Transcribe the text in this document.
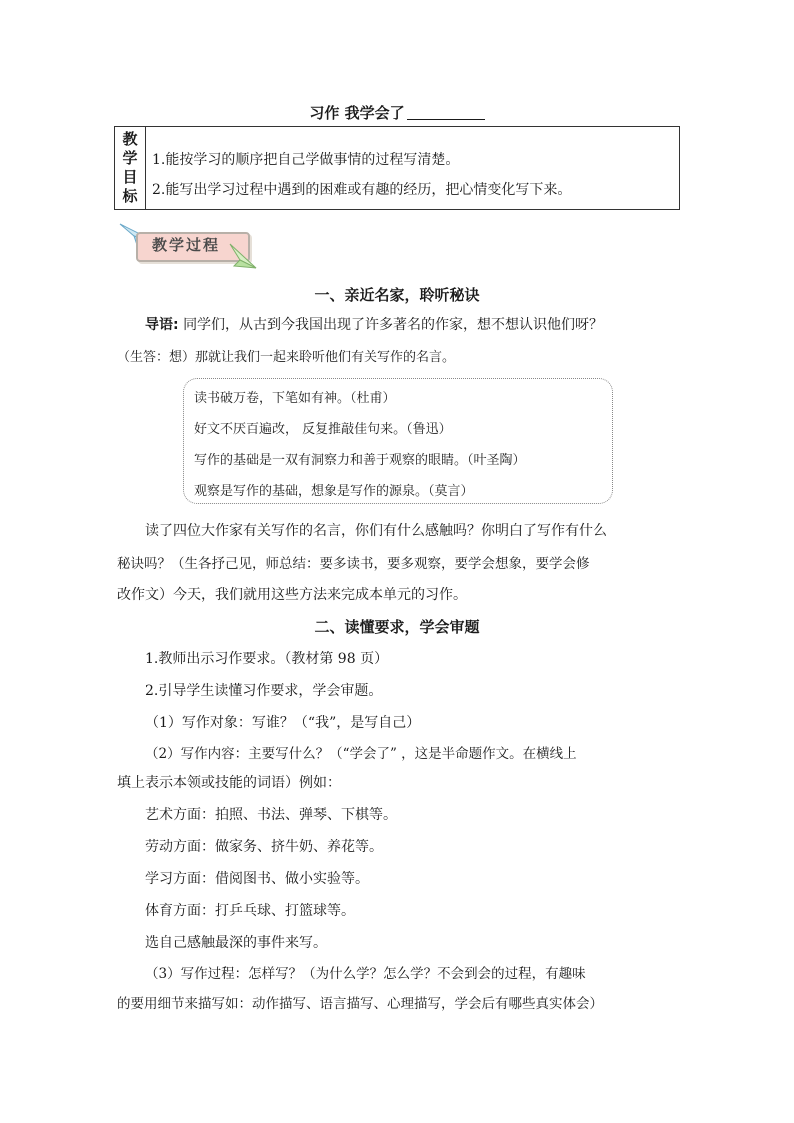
习作 我学会了
教
学
目
标
1.能按学习的顺序把自己学做事情的过程写清楚。
2.能写出学习过程中遇到的困难或有趣的经历，把心情变化写下来。
教学过程
一、亲近名家，聆听秘诀
导语: 同学们，从古到今我国出现了许多著名的作家，想不想认识他们呀？
（生答：想）那就让我们一起来聆听他们有关写作的名言。
读书破万卷，下笔如有神。（杜甫）
好文不厌百遍改， 反复推敲佳句来。（鲁迅）
写作的基础是一双有洞察力和善于观察的眼睛。（叶圣陶）
观察是写作的基础，想象是写作的源泉。（莫言）
读了四位大作家有关写作的名言，你们有什么感触吗？你明白了写作有什么
秘诀吗？（生各抒己见，师总结：要多读书，要多观察，要学会想象，要学会修
改作文）今天，我们就用这些方法来完成本单元的习作。
二、读懂要求，学会审题
1.教师出示习作要求。（教材第 98 页）
2.引导学生读懂习作要求，学会审题。
（1）写作对象：写谁？（“我”，是写自己）
（2）写作内容：主要写什么？（“学会了” ，这是半命题作文。在横线上
填上表示本领或技能的词语）例如：
艺术方面：拍照、书法、弹琴、下棋等。
劳动方面：做家务、挤牛奶、养花等。
学习方面：借阅图书、做小实验等。
体育方面：打乒乓球、打篮球等。
选自己感触最深的事件来写。
（3）写作过程：怎样写？（为什么学？怎么学？不会到会的过程，有趣味
的要用细节来描写如：动作描写、语言描写、心理描写，学会后有哪些真实体会）
